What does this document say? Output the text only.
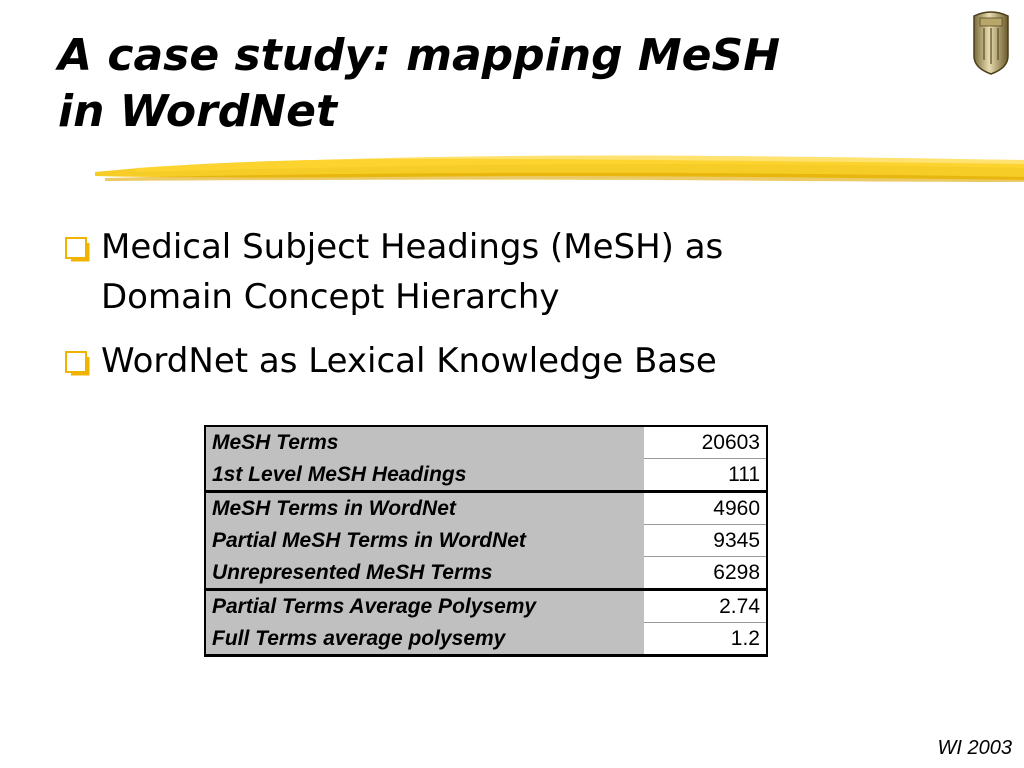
A case study: mapping MeSH
in WordNet
Medical Subject Headings (MeSH) as
Domain Concept Hierarchy
WordNet as Lexical Knowledge Base
MeSH Terms	20603
1st Level MeSH Headings	111
MeSH Terms in WordNet	4960
Partial MeSH Terms in WordNet	9345
Unrepresented MeSH Terms	6298
Partial Terms Average Polysemy	2.74
Full Terms average polysemy	1.2
WI 2003
